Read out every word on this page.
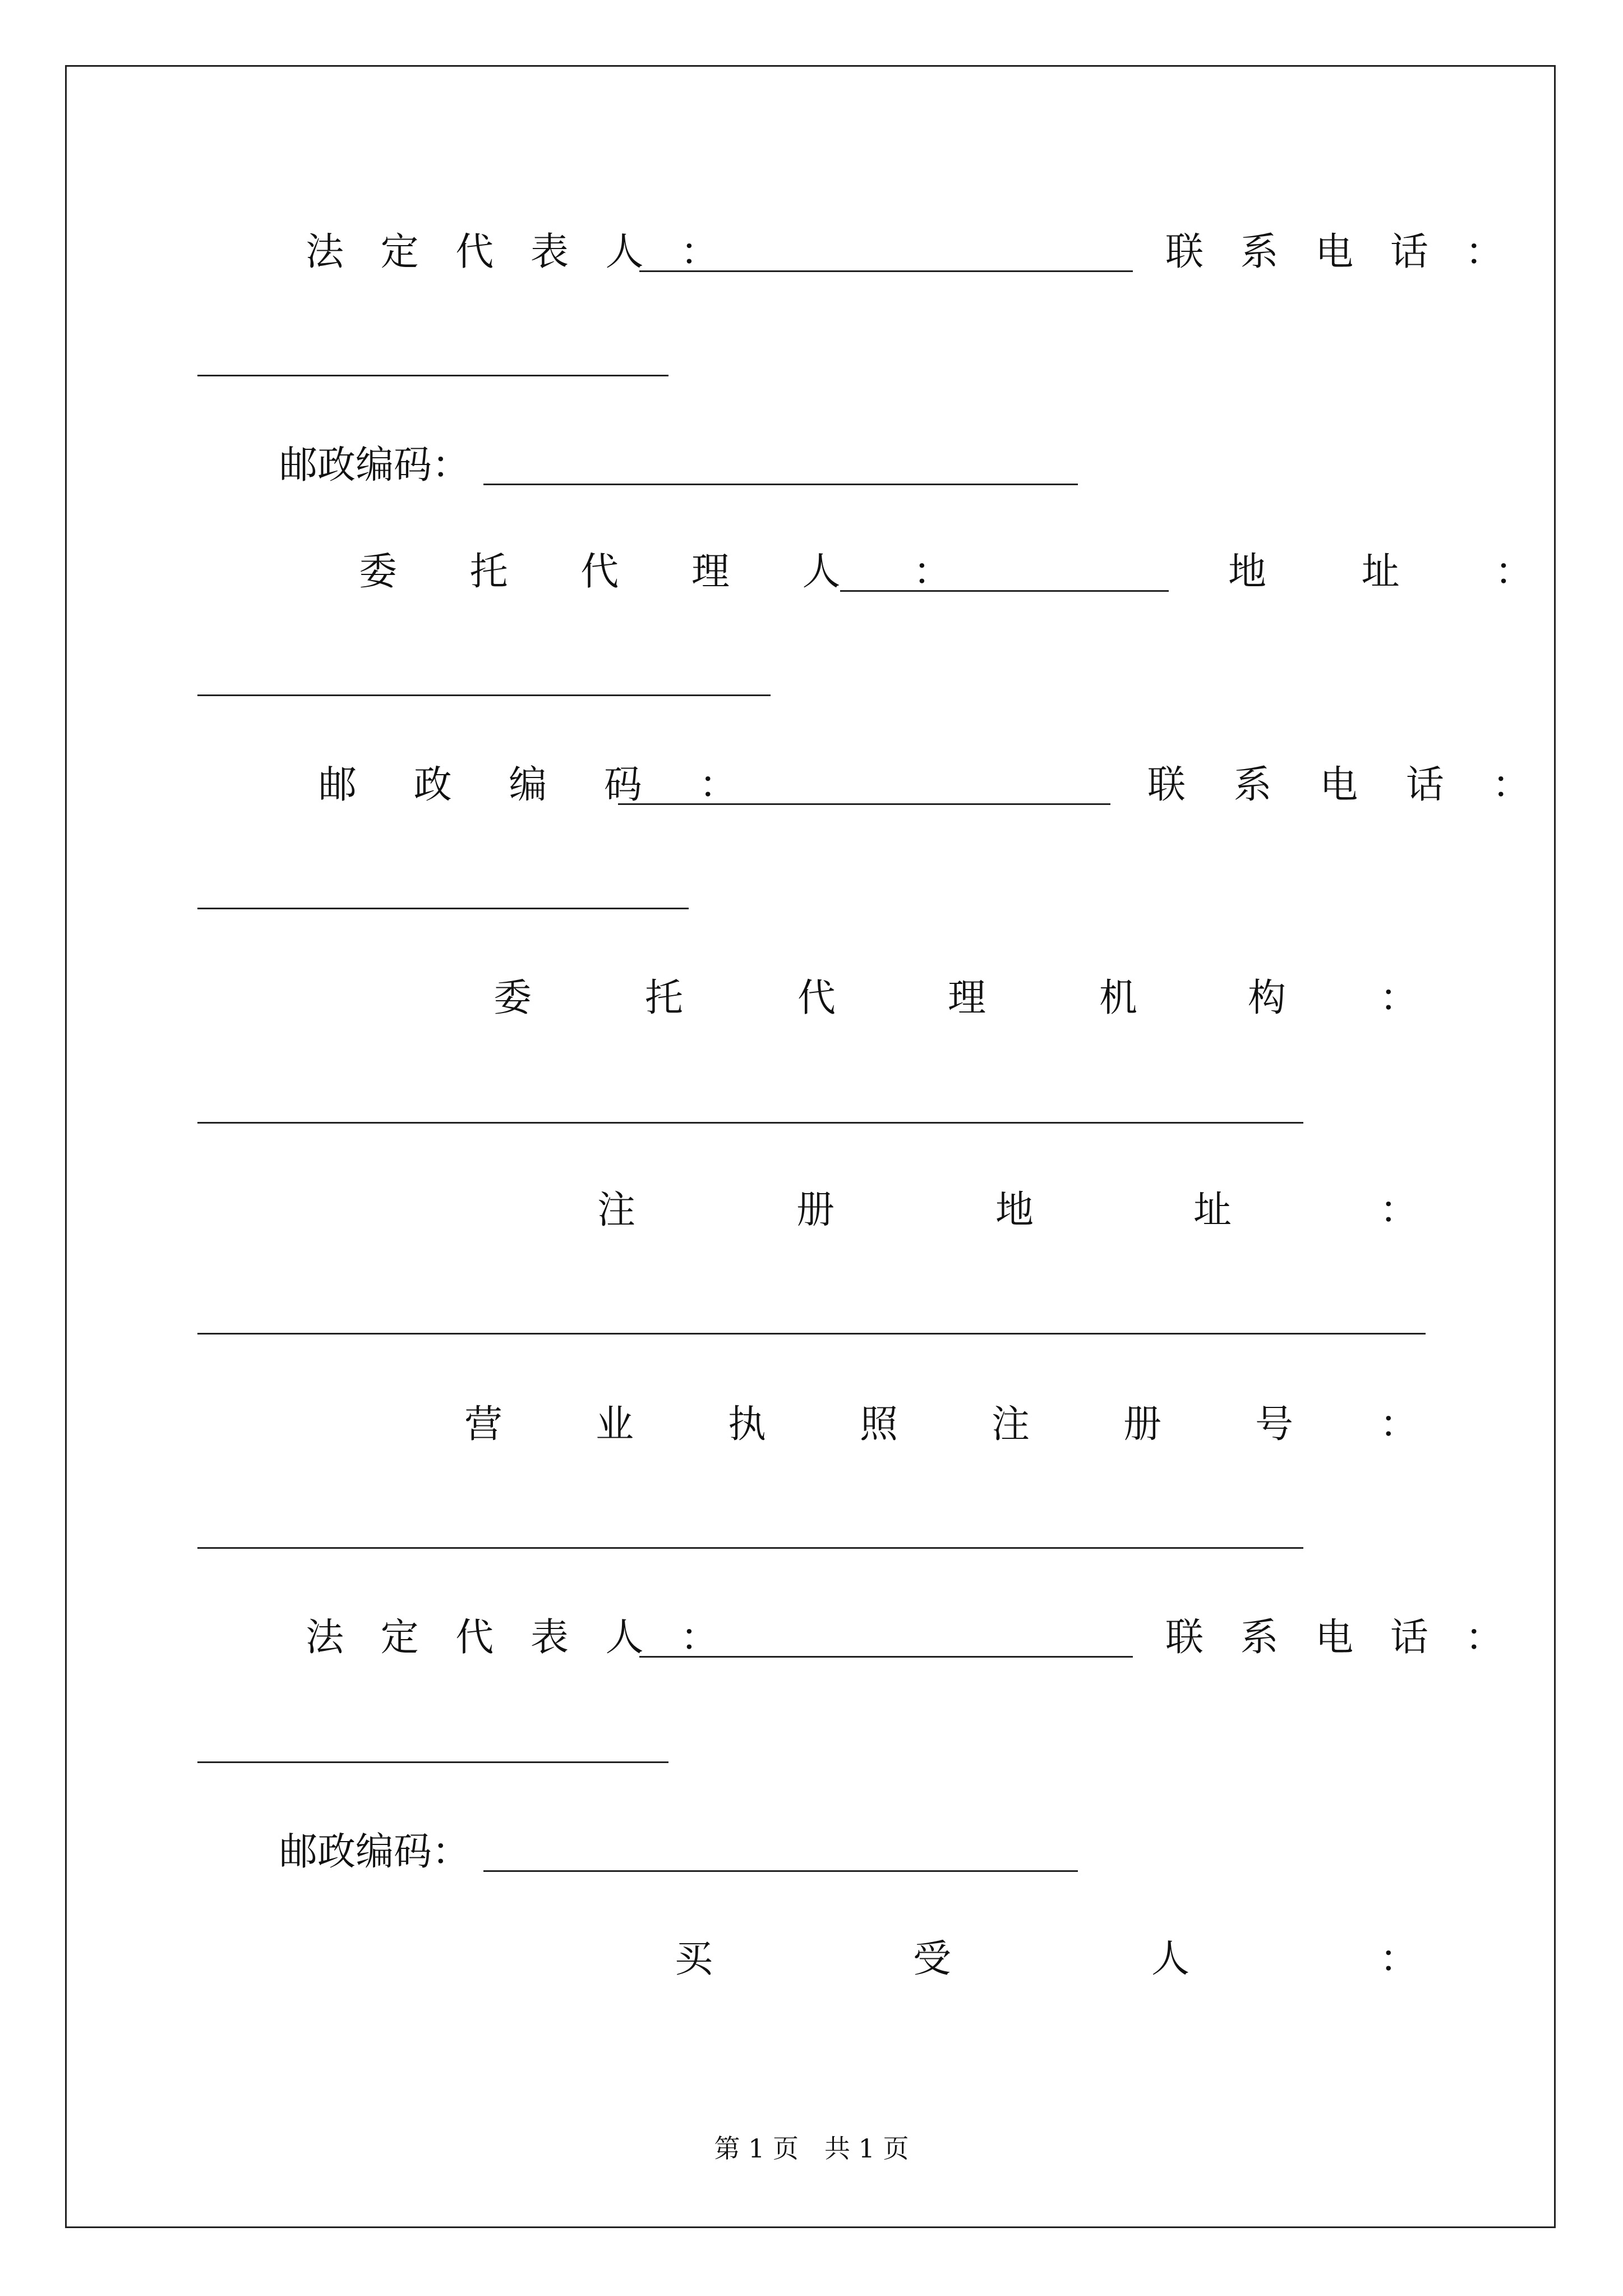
法 定 代 表 人 ：	联 系 电 话 ：
邮政编码：
委 托 代 理 人 ：	地 址 ：
邮 政 编 码 ：	联 系 电 话 ：
委	托	代	理	机	构 ：
注	册	地	址	：
营 业 执 照 注 册 号 ：
法 定 代 表 人 ：	联 系 电 话 ：
邮政编码：
买	受	人	：
第 1 页　共 1 页
